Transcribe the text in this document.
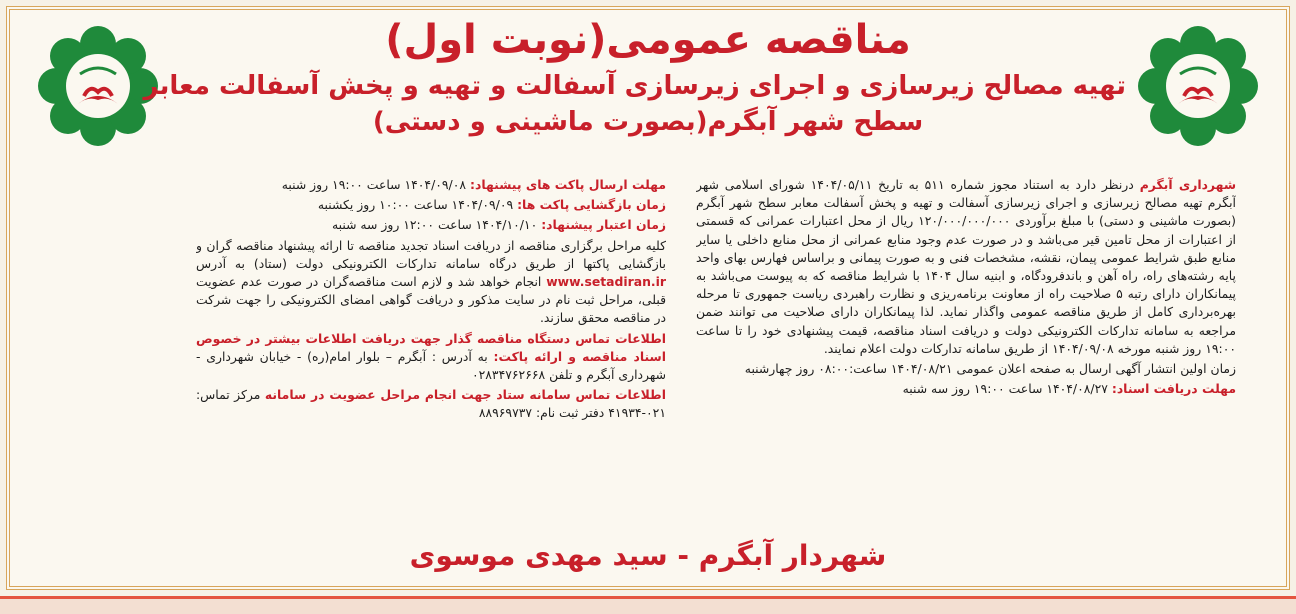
مناقصه عمومی(نوبت اول)
تهیه مصالح زیرسازی و اجرای زیرسازی آسفالت و تهیه و پخش آسفالت معابر
سطح شهر آبگرم(بصورت ماشینی و دستی)

شهرداری آبگرم درنظر دارد به استناد مجوز شماره ۵۱۱ به تاریخ ۱۴۰۴/۰۵/۱۱ شورای اسلامی شهر آبگرم تهیه مصالح زیرسازی و اجرای زیرسازی آسفالت و تهیه و پخش آسفالت معابر سطح شهر آبگرم (بصورت ماشینی و دستی) با مبلغ برآوردی ۱۲۰/۰۰۰/۰۰۰/۰۰۰ ریال از محل اعتبارات عمرانی که قسمتی از اعتبارات از محل تامین قیر می‌باشد و در صورت عدم وجود منابع عمرانی از محل منابع داخلی یا سایر منابع طبق شرایط عمومی پیمان، نقشه، مشخصات فنی و به صورت پیمانی و براساس فهارس بهای واحد پایه رشته‌های راه، راه آهن و باندفرودگاه، و ابنیه سال ۱۴۰۴ با شرایط مناقصه که به پیوست می‌باشد به پیمانکاران دارای رتبه ۵ صلاحیت راه از معاونت برنامه‌ریزی و نظارت راهبردی ریاست جمهوری تا مرحله بهره‌برداری کامل از طریق مناقصه عمومی واگذار نماید. لذا پیمانکاران دارای صلاحیت می توانند ضمن مراجعه به سامانه تدارکات الکترونیکی دولت و دریافت اسناد مناقصه، قیمت پیشنهادی خود را تا ساعت ۱۹:۰۰ روز شنبه مورخه ۱۴۰۴/۰۹/۰۸ از طریق سامانه تدارکات دولت اعلام نمایند.

زمان اولین انتشار آگهی ارسال به صفحه اعلان عمومی ۱۴۰۴/۰۸/۲۱ ساعت:۰۸:۰۰ روز چهارشنبه

مهلت دریافت اسناد: ۱۴۰۴/۰۸/۲۷ ساعت ۱۹:۰۰ روز سه شنبه

مهلت ارسال پاکت های پیشنهاد: ۱۴۰۴/۰۹/۰۸ ساعت ۱۹:۰۰ روز شنبه

زمان بازگشایی پاکت ها: ۱۴۰۴/۰۹/۰۹ ساعت ۱۰:۰۰ روز یکشنبه

زمان اعتبار پیشنهاد: ۱۴۰۴/۱۰/۱۰ ساعت ۱۲:۰۰ روز سه شنبه

کلیه مراحل برگزاری مناقصه از دریافت اسناد تجدید مناقصه تا ارائه پیشنهاد مناقصه گران و بازگشایی پاکتها از طریق درگاه سامانه تدارکات الکترونیکی دولت (ستاد) به آدرس www.setadiran.ir انجام خواهد شد و لازم است مناقصه‌گران در صورت عدم عضویت قبلی، مراحل ثبت نام در سایت مذکور و دریافت گواهی امضای الکترونیکی را جهت شرکت در مناقصه محقق سازند.

اطلاعات تماس دستگاه مناقصه گذار جهت دریافت اطلاعات بیشتر در خصوص اسناد مناقصه و ارائه پاکت: به آدرس : آبگرم – بلوار امام(ره) - خیابان شهرداری - شهرداری آبگرم و تلفن ۰۲۸۳۴۷۶۲۶۶۸

اطلاعات تماس سامانه ستاد جهت انجام مراحل عضویت در سامانه مرکز تماس: ۰۲۱-۴۱۹۳۴ دفتر ثبت نام: ۸۸۹۶۹۷۳۷

شهردار آبگرم - سید مهدی موسوی
